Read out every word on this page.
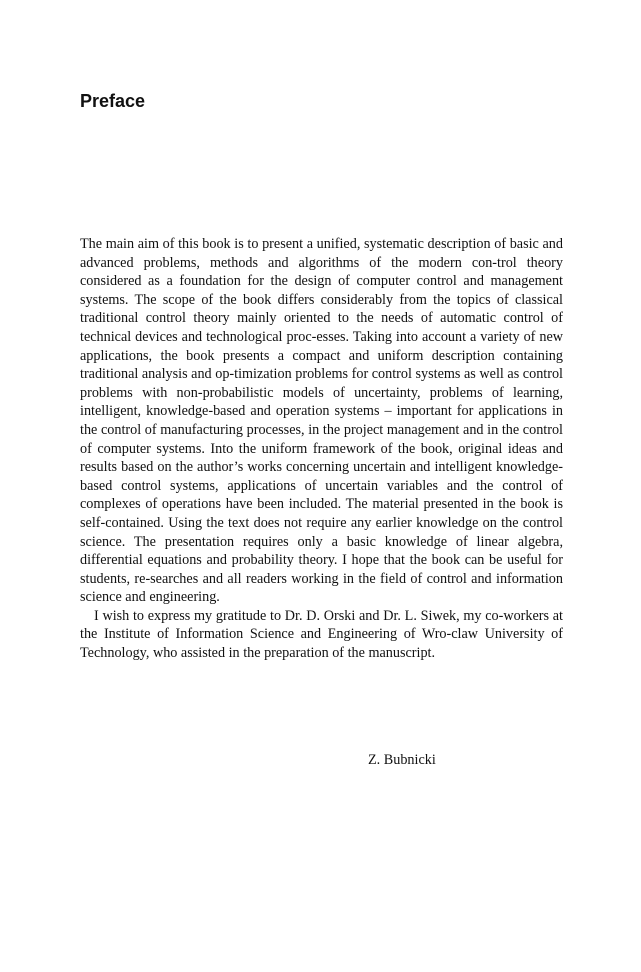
Preface

The main aim of this book is to present a unified, systematic description of basic and advanced problems, methods and algorithms of the modern con-trol theory considered as a foundation for the design of computer control and management systems. The scope of the book differs considerably from the topics of classical traditional control theory mainly oriented to the needs of automatic control of technical devices and technological proc-esses. Taking into account a variety of new applications, the book presents a compact and uniform description containing traditional analysis and op-timization problems for control systems as well as control problems with non-probabilistic models of uncertainty, problems of learning, intelligent, knowledge-based and operation systems – important for applications in the control of manufacturing processes, in the project management and in the control of computer systems. Into the uniform framework of the book, original ideas and results based on the author’s works concerning uncertain and intelligent knowledge-based control systems, applications of uncertain variables and the control of complexes of operations have been included. The material presented in the book is self-contained. Using the text does not require any earlier knowledge on the control science. The presentation requires only a basic knowledge of linear algebra, differential equations and probability theory. I hope that the book can be useful for students, re-searches and all readers working in the field of control and information science and engineering.

I wish to express my gratitude to Dr. D. Orski and Dr. L. Siwek, my co-workers at the Institute of Information Science and Engineering of Wro-claw University of Technology, who assisted in the preparation of the manuscript.

Z. Bubnicki
